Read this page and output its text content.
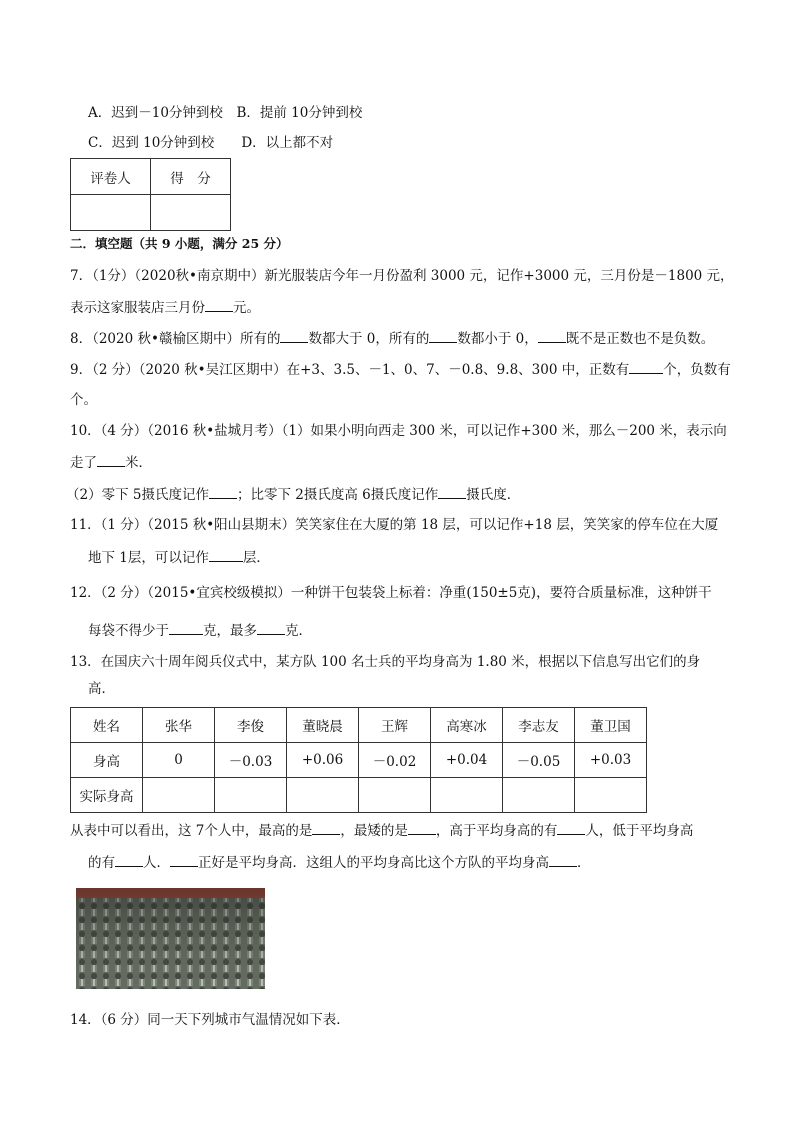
A．迟到－10分钟到校　 B．提前 10分钟到校
C．迟到 10分钟到校　　 D．以上都不对
评卷人	得　分

二．填空题（共 9 小题，满分 25 分）
7．（1分）（2020秋•南京期中）新光服装店今年一月份盈利 3000 元，记作+3000 元，三月份是－1800 元，
表示这家服装店三月份 元。
8．（2020 秋•赣榆区期中）所有的 数都大于 0，所有的 数都小于 0， 既不是正数也不是负数。
9．（2 分）（2020 秋•吴江区期中）在+3、3.5、－1、0、7、－0.8、9.8、300 中，正数有	个，负数有
个。
10．（4 分）（2016 秋•盐城月考）（1）如果小明向西走 300 米，可以记作+300 米，那么－200 米，表示向
走了 米．
（2）零下 5摄氏度记作 ；比零下 2摄氏度高 6摄氏度记作 摄氏度．
11．（1 分）（2015 秋•阳山县期末）笑笑家住在大厦的第 18 层，可以记作+18 层，笑笑家的停车位在大厦
地下 1层，可以记作	层．
12．（2 分）（2015•宜宾校级模拟）一种饼干包装袋上标着：净重(150±5克)，要符合质量标准，这种饼干
每袋不得少于	克，最多 克．
13．在国庆六十周年阅兵仪式中，某方队 100 名士兵的平均身高为 1.80 米，根据以下信息写出它们的身
高．
姓名	张华	李俊	董晓晨	王辉	高寒冰	李志友	董卫国
身高	0	－0.03	+0.06	－0.02	+0.04	－0.05	+0.03
实际身高							
从表中可以看出，这 7个人中，最高的是 ，最矮的是 ，高于平均身高的有 人，低于平均身高
的有 人． 正好是平均身高．这组人的平均身高比这个方队的平均身高 ．
14．（6 分）同一天下列城市气温情况如下表．
